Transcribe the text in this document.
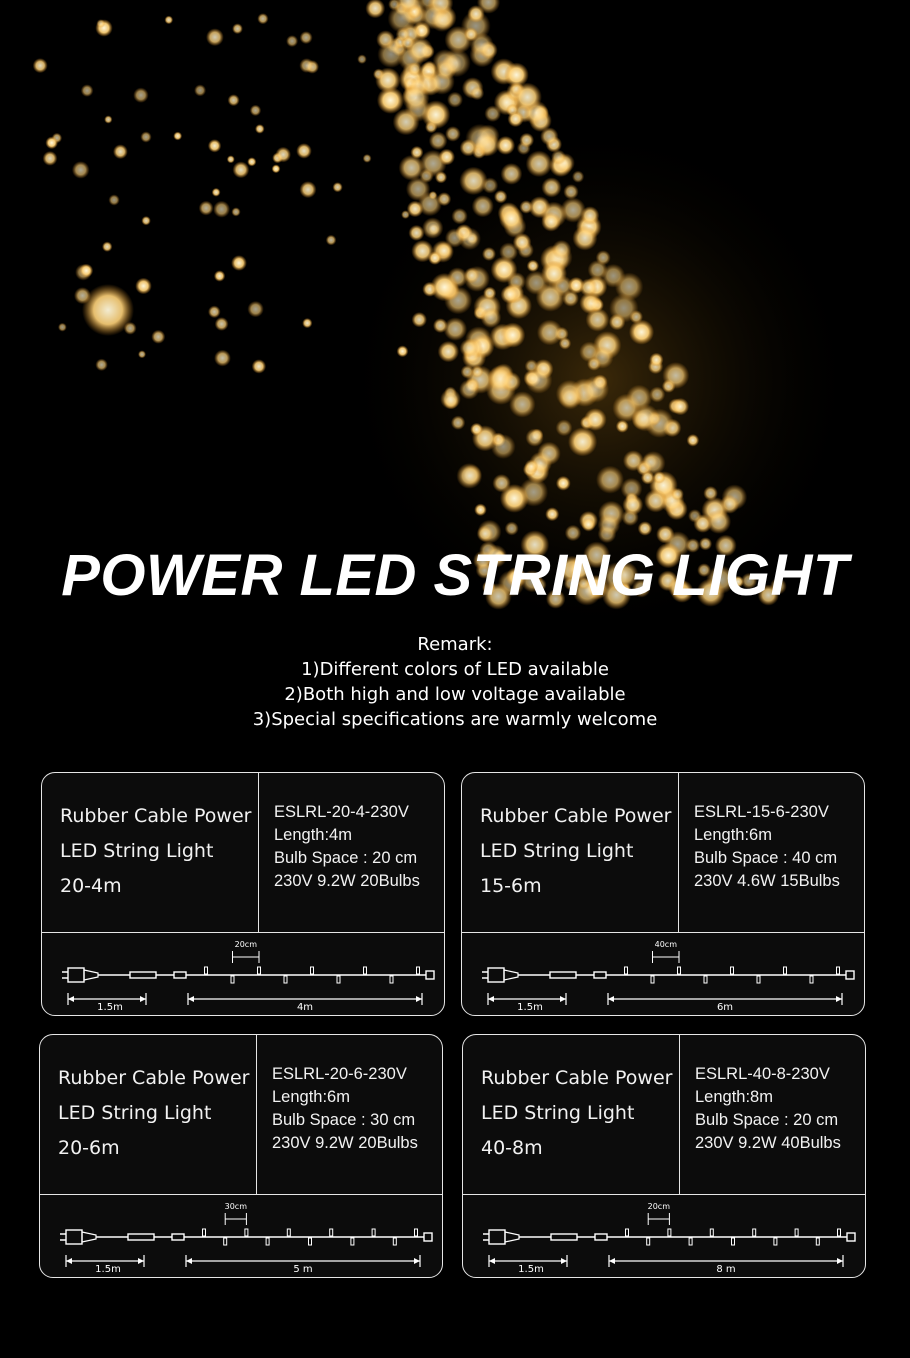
POWER LED STRING LIGHT
Remark:
1)Different colors of LED available
2)Both high and low voltage available
3)Special specifications are warmly welcome
Rubber Cable Power
LED String Light
20-4m
ESLRL-20-4-230V
Length:4m
Bulb Space : 20 cm
230V 9.2W 20Bulbs
20cm
1.5m	4m
Rubber Cable Power
LED String Light
15-6m
ESLRL-15-6-230V
Length:6m
Bulb Space : 40 cm
230V 4.6W 15Bulbs
40cm
1.5m	6m
Rubber Cable Power
LED String Light
20-6m
ESLRL-20-6-230V
Length:6m
Bulb Space : 30 cm
230V 9.2W 20Bulbs
30cm
1.5m	5 m
Rubber Cable Power
LED String Light
40-8m
ESLRL-40-8-230V
Length:8m
Bulb Space : 20 cm
230V 9.2W 40Bulbs
20cm
1.5m	8 m
